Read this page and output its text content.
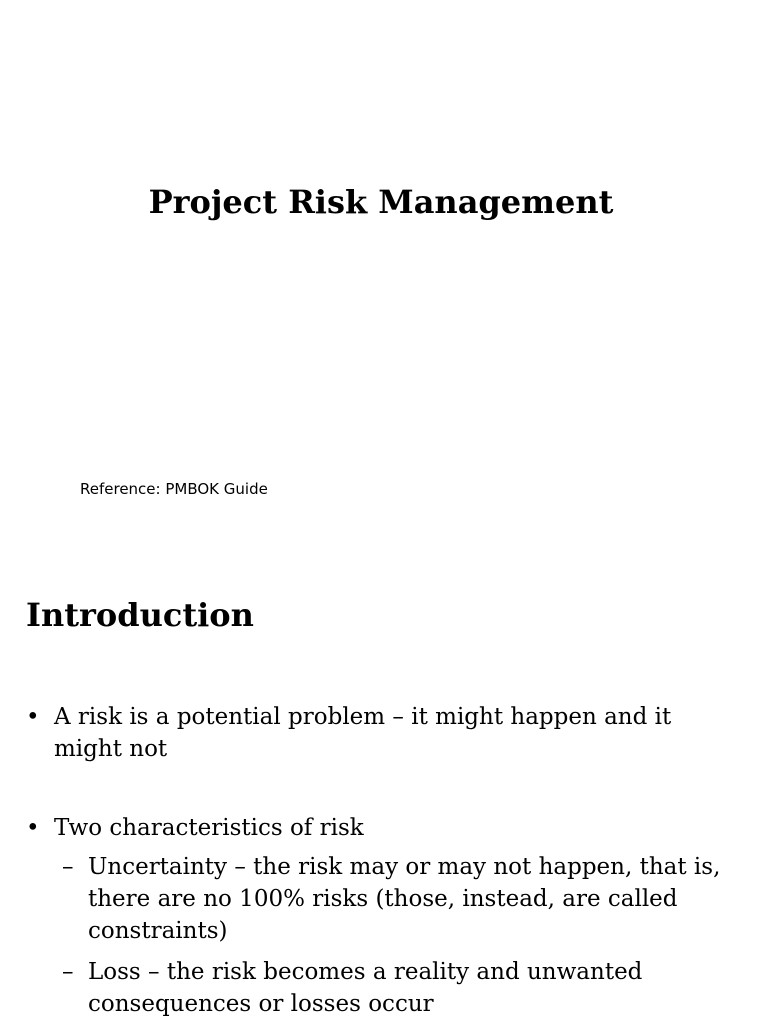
Project Risk Management
Reference: PMBOK Guide
Introduction
• A risk is a potential problem – it might happen and it might not
• Two characteristics of risk
– Uncertainty – the risk may or may not happen, that is, there are no 100% risks (those, instead, are called constraints)
– Loss – the risk becomes a reality and unwanted consequences or losses occur
